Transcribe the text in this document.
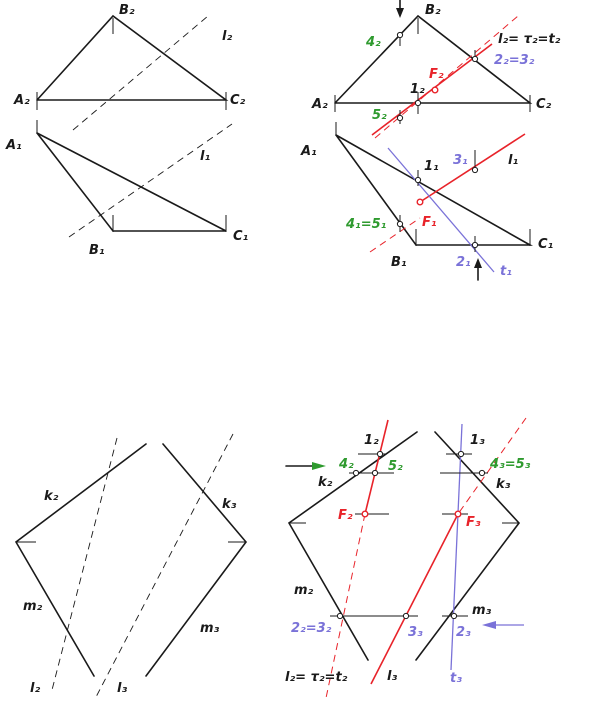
B₂
A₂	C₂
l₂
A₁
l₁
B₁
C₁
B₂
l₂= τ₂=t₂
4₂
2₂=3₂
1₂
F₂
A₂	C₂
5₂
A₁
1₁ 3₁	l₁
F₁
4₁=5₁
C₁
B₁	2₁
t₁
k₂
k₃
m₂
m₃
l₂	l₃
1₂
4₂	5₂
k₂
F₂
m₂
2₂=3₂
l₂= τ₂=t₂
1₃
4₃=5₃
k₃
F₃
m₃
3₃	2₃
l₃	t₃
